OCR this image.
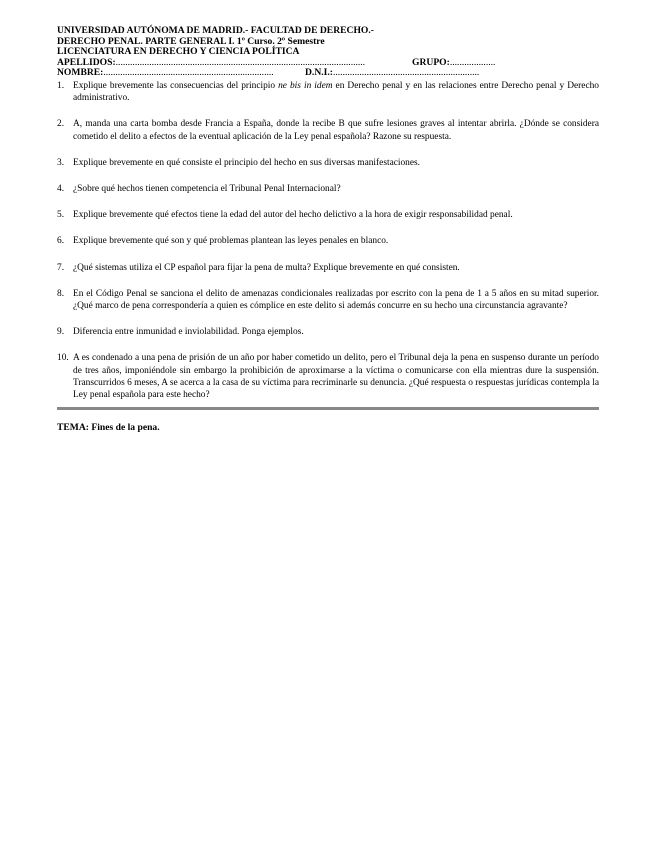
UNIVERSIDAD AUTÓNOMA DE MADRID.- FACULTAD DE DERECHO.-
DERECHO PENAL. PARTE GENERAL I. 1º Curso. 2º Semestre
LICENCIATURA EN DERECHO Y CIENCIA POLÍTICA
APELLIDOS:........................................................................................................	GRUPO:...................
NOMBRE:.......................................................................	D.N.I.:.............................................................
1. Explique brevemente las consecuencias del principio ne bis in idem en Derecho penal y en las relaciones entre Derecho penal y Derecho administrativo.
2. A, manda una carta bomba desde Francia a España, donde la recibe B que sufre lesiones graves al intentar abrirla. ¿Dónde se considera cometido el delito a efectos de la eventual aplicación de la Ley penal española? Razone su respuesta.
3. Explique brevemente en qué consiste el principio del hecho en sus diversas manifestaciones.
4. ¿Sobre qué hechos tienen competencia el Tribunal Penal Internacional?
5. Explique brevemente qué efectos tiene la edad del autor del hecho delictivo a la hora de exigir responsabilidad penal.
6. Explique brevemente qué son y qué problemas plantean las leyes penales en blanco.
7. ¿Qué sistemas utiliza el CP español para fijar la pena de multa? Explique brevemente en qué consisten.
8. En el Código Penal se sanciona el delito de amenazas condicionales realizadas por escrito con la pena de 1 a 5 años en su mitad superior. ¿Qué marco de pena correspondería a quien es cómplice en este delito si además concurre en su hecho una circunstancia agravante?
9. Diferencia entre inmunidad e inviolabilidad. Ponga ejemplos.
10. A es condenado a una pena de prisión de un año por haber cometido un delito, pero el Tribunal deja la pena en suspenso durante un período de tres años, imponiéndole sin embargo la prohibición de aproximarse a la víctima o comunicarse con ella mientras dure la suspensión. Transcurridos 6 meses, A se acerca a la casa de su víctima para recriminarle su denuncia. ¿Qué respuesta o respuestas jurídicas contempla la Ley penal española para este hecho?
TEMA: Fines de la pena.
